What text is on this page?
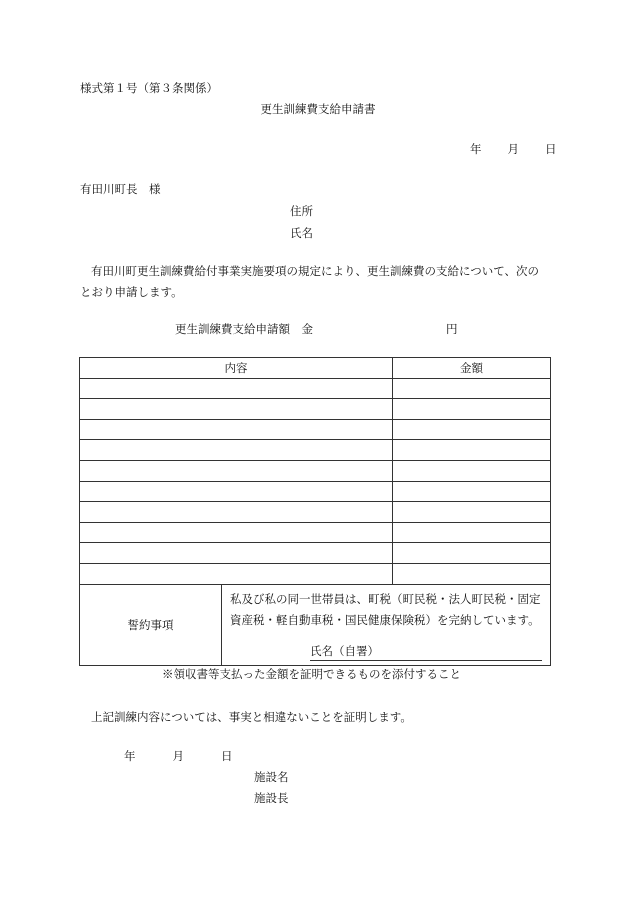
様式第１号（第３条関係）
更生訓練費支給申請書
年 月 日
有田川町長　様
住所
氏名
有田川町更生訓練費給付事業実施要項の規定により、更生訓練費の支給について、次のとおり申請します。
更生訓練費支給申請額　金	円
内容		金額

誓約事項	私及び私の同一世帯員は、町税（町民税・法人町民税・固定資産税・軽自動車税・国民健康保険税）を完納しています。
氏名（自署）	
※領収書等支払った金額を証明できるものを添付すること
上記訓練内容については、事実と相違ないことを証明します。
年	月	日
施設名
施設長
